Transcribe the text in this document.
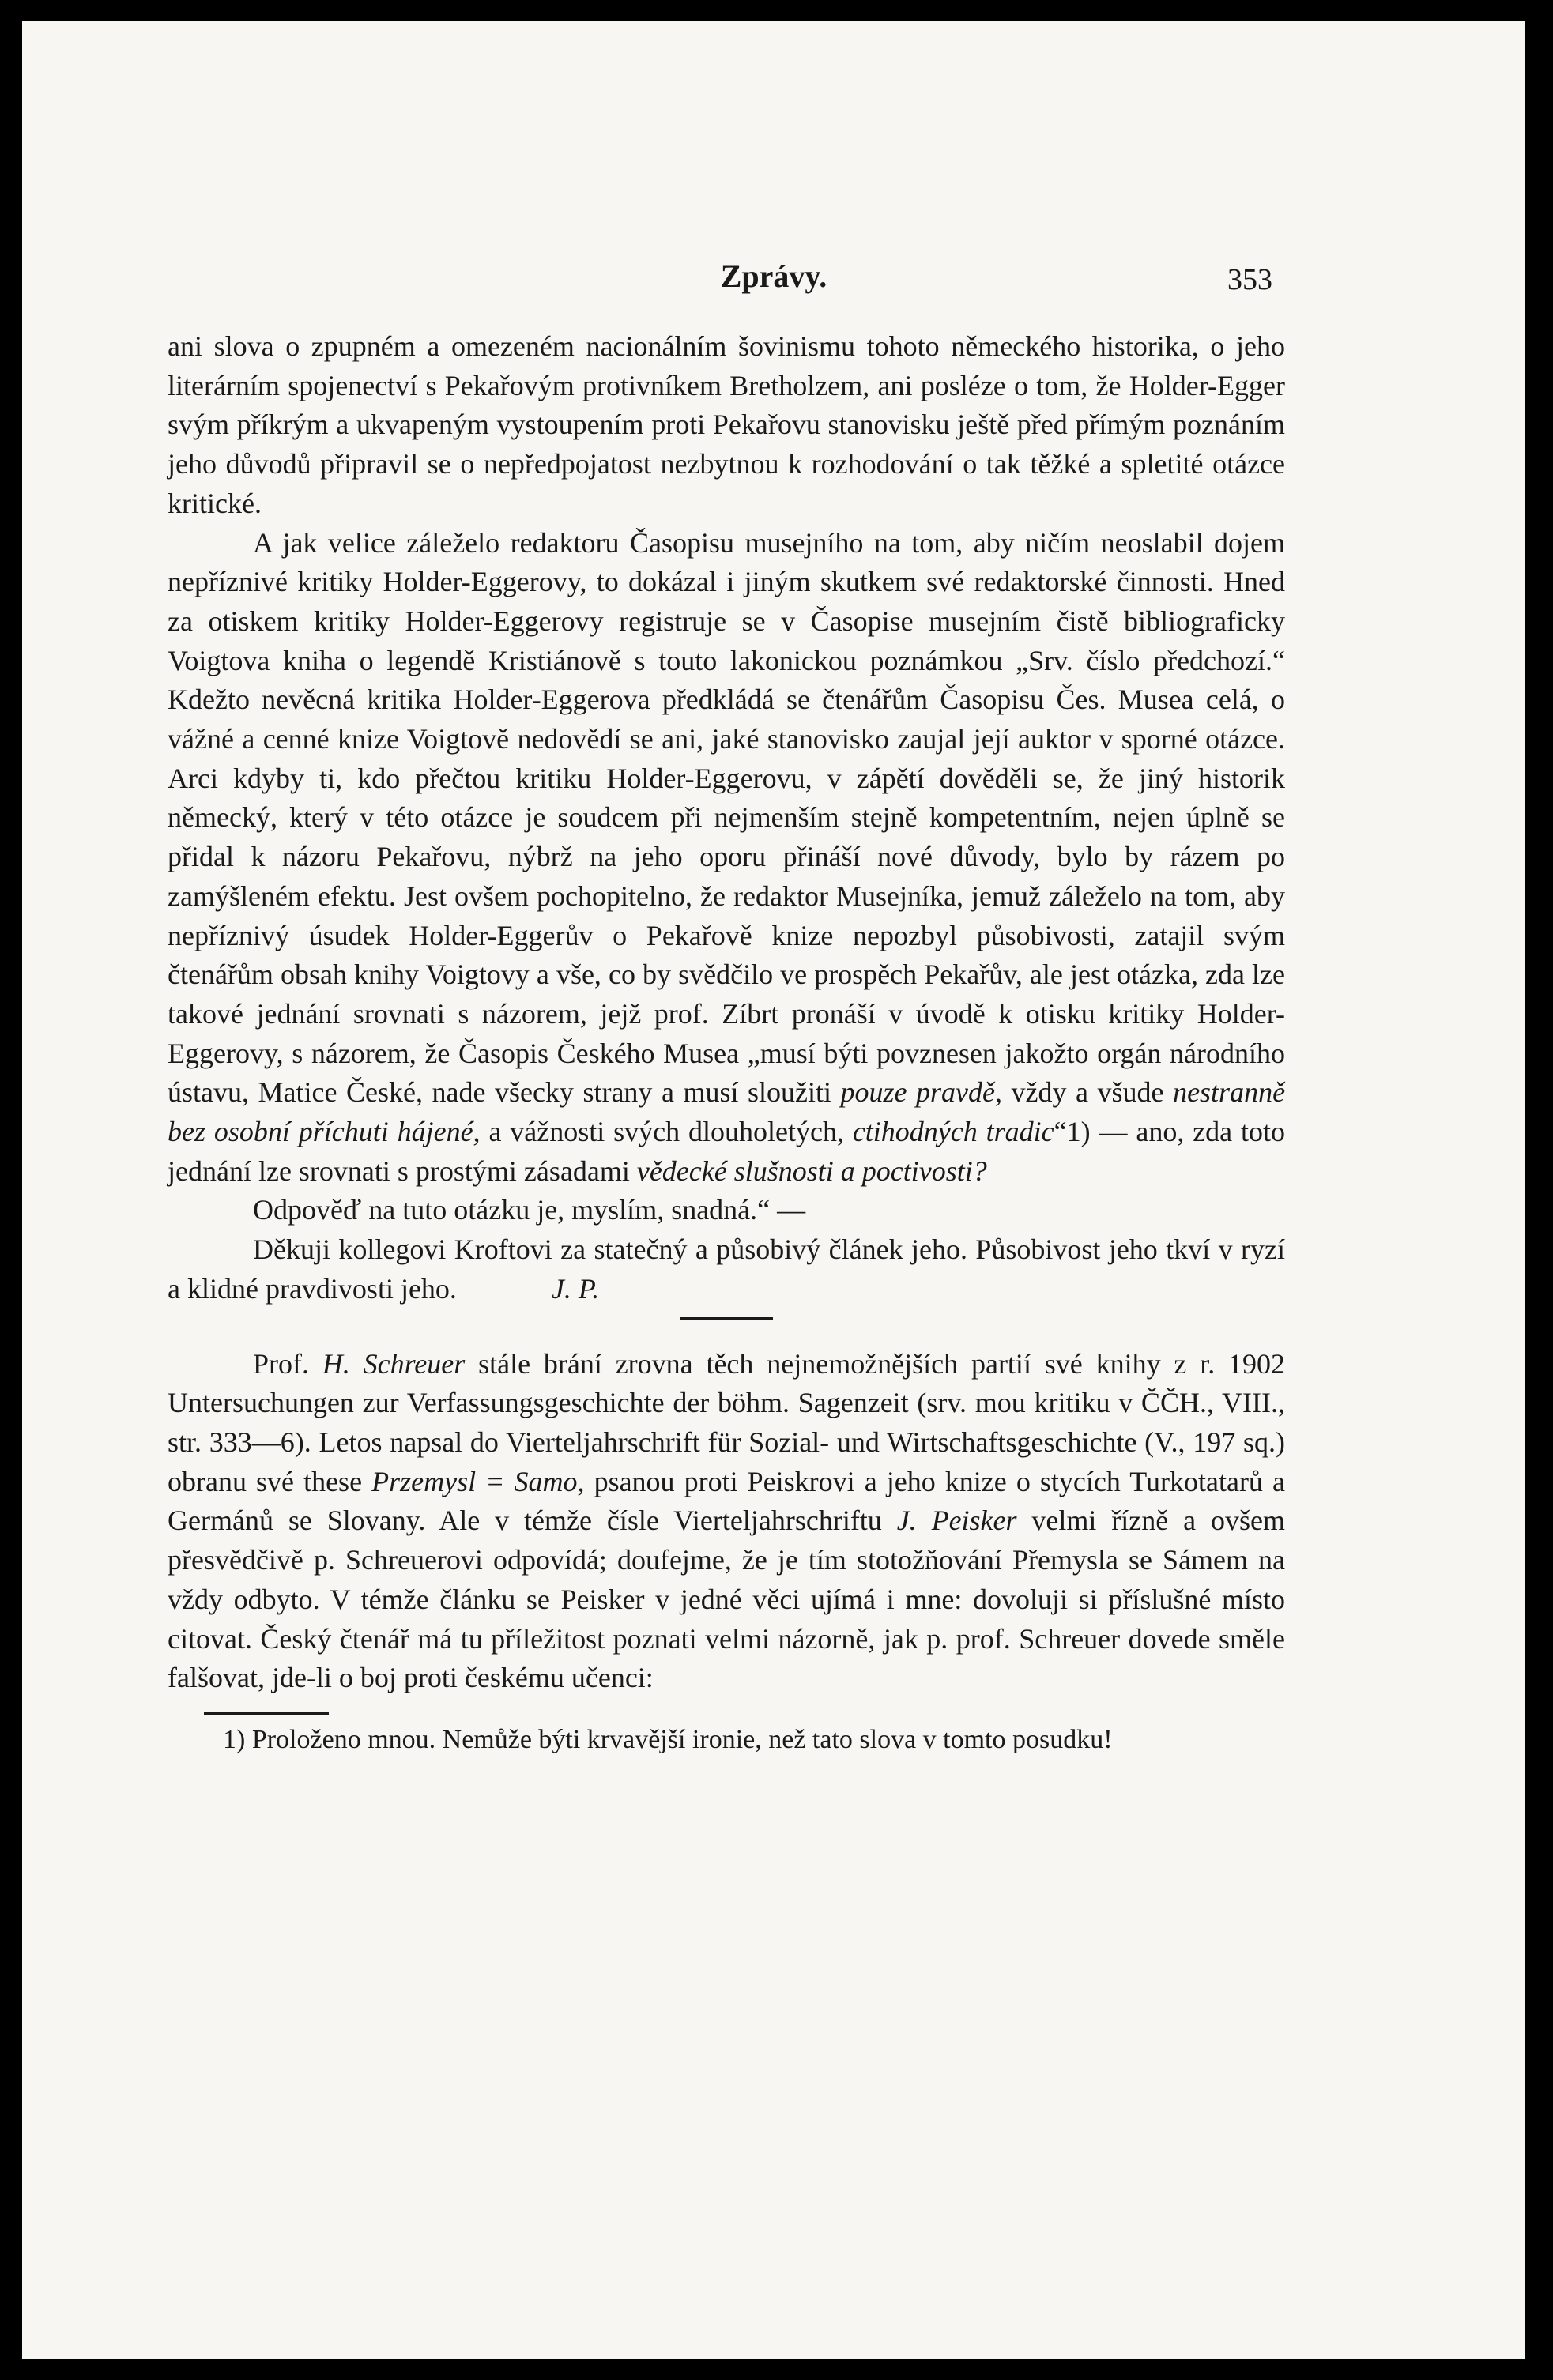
Zprávy.	353

ani slova o zpupném a omezeném nacionálním šovinismu tohoto německého historika, o jeho literárním spojenectví s Pekařovým protivníkem Bretholzem, ani posléze o tom, že Holder-Egger svým příkrým a ukvapeným vystoupením proti Pekařovu stanovisku ještě před přímým poznáním jeho důvodů připravil se o nepředpojatost nezbytnou k rozhodování o tak těžké a spletité otázce kritické.

A jak velice záleželo redaktoru Časopisu musejního na tom, aby ničím neoslabil dojem nepříznivé kritiky Holder-Eggerovy, to dokázal i jiným skutkem své redaktorské činnosti. Hned za otiskem kritiky Holder-Eggerovy registruje se v Časopise musejním čistě bibliograficky Voigtova kniha o legendě Kristiánově s touto lakonickou poznámkou „Srv. číslo předchozí.“ Kdežto nevěcná kritika Holder-Eggerova předkládá se čtenářům Časopisu Čes. Musea celá, o vážné a cenné knize Voigtově nedovědí se ani, jaké stanovisko zaujal její auktor v sporné otázce. Arci kdyby ti, kdo přečtou kritiku Holder-Eggerovu, v zápětí dověděli se, že jiný historik německý, který v této otázce je soudcem při nejmenším stejně kompetentním, nejen úplně se přidal k názoru Pekařovu, nýbrž na jeho oporu přináší nové důvody, bylo by rázem po zamýšleném efektu. Jest ovšem pochopitelno, že redaktor Musejníka, jemuž záleželo na tom, aby nepříznivý úsudek Holder-Eggerův o Pekařově knize nepozbyl působivosti, zatajil svým čtenářům obsah knihy Voigtovy a vše, co by svědčilo ve prospěch Pekařův, ale jest otázka, zda lze takové jednání srovnati s názorem, jejž prof. Zíbrt pronáší v úvodě k otisku kritiky Holder-Eggerovy, s názorem, že Časopis Českého Musea „musí býti povznesen jakožto orgán národního ústavu, Matice České, nade všecky strany a musí sloužiti pouze pravdě, vždy a všude nestranně bez osobní příchuti hájené, a vážnosti svých dlouholetých, ctihodných tradic“1) — ano, zda toto jednání lze srovnati s prostými zásadami vědecké slušnosti a poctivosti?

Odpověď na tuto otázku je, myslím, snadná.“ —

Děkuji kollegovi Kroftovi za statečný a působivý článek jeho. Působivost jeho tkví v ryzí a klidné pravdivosti jeho.	J. P.

Prof. H. Schreuer stále brání zrovna těch nejnemožnějších partií své knihy z r. 1902 Untersuchungen zur Verfassungsgeschichte der böhm. Sagenzeit (srv. mou kritiku v ČČH., VIII., str. 333—6). Letos napsal do Vierteljahrschrift für Sozial- und Wirtschaftsgeschichte (V., 197 sq.) obranu své these Przemysl = Samo, psanou proti Peiskrovi a jeho knize o stycích Turkotatarů a Germánů se Slovany. Ale v témže čísle Vierteljahrschriftu J. Peisker velmi řízně a ovšem přesvědčivě p. Schreuerovi odpovídá; doufejme, že je tím stotožňování Přemysla se Sámem na vždy odbyto. V témže článku se Peisker v jedné věci ujímá i mne: dovoluji si příslušné místo citovat. Český čtenář má tu příležitost poznati velmi názorně, jak p. prof. Schreuer dovede směle falšovat, jde-li o boj proti českému učenci:

1) Proloženo mnou. Nemůže býti krvavější ironie, než tato slova v tomto posudku!
